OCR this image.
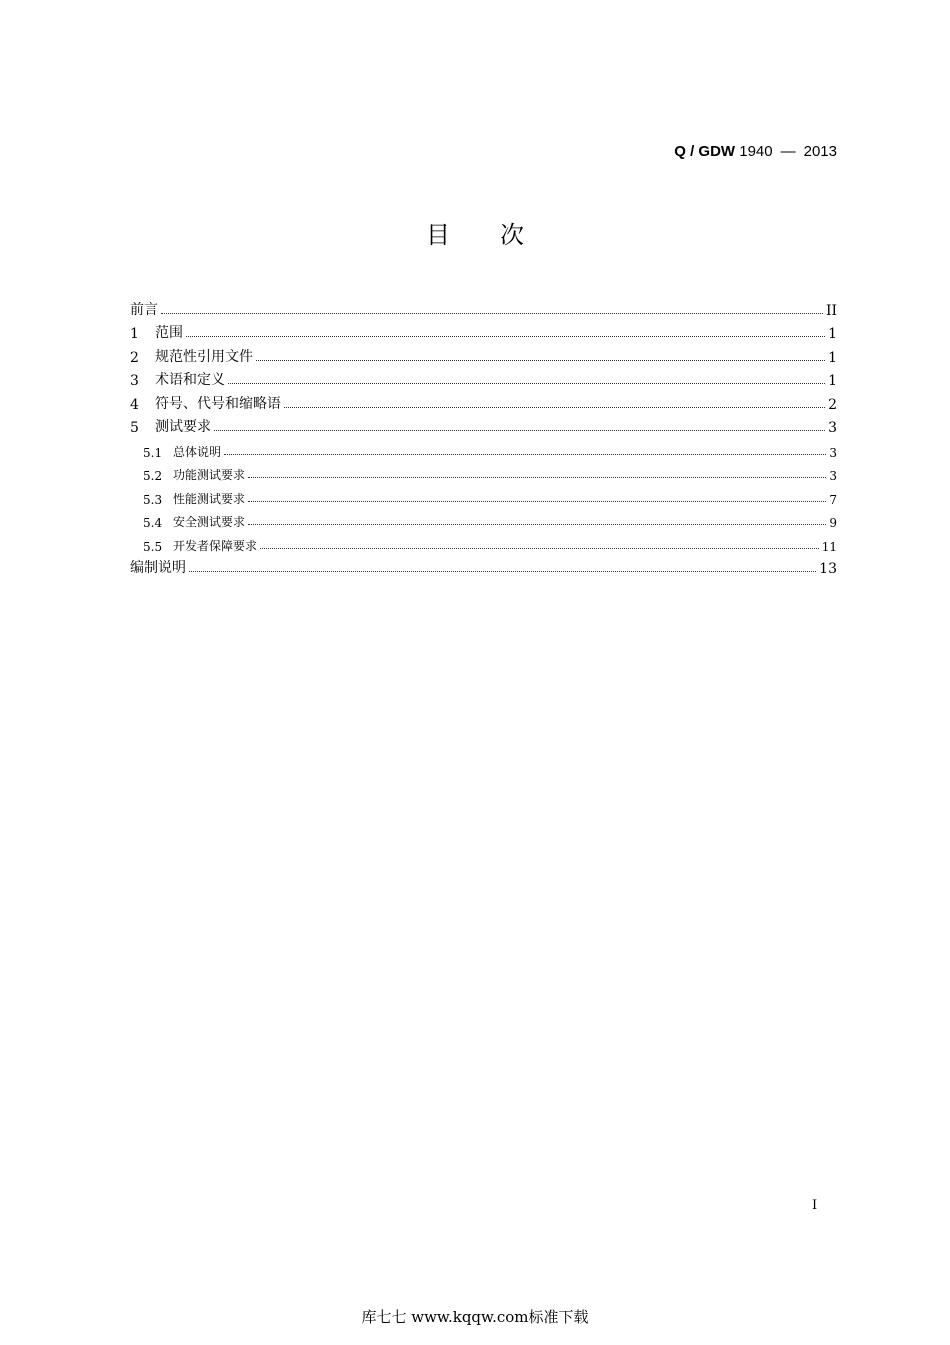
Q / GDW 1940 — 2013
目次
前言	II
1	范围	1
2	规范性引用文件	1
3	术语和定义	1
4	符号、代号和缩略语	2
5	测试要求	3
5.1 总体说明	3
5.2 功能测试要求	3
5.3 性能测试要求	7
5.4 安全测试要求	9
5.5 开发者保障要求	11
编制说明	13
I
库七七 www.kqqw.com标准下载
